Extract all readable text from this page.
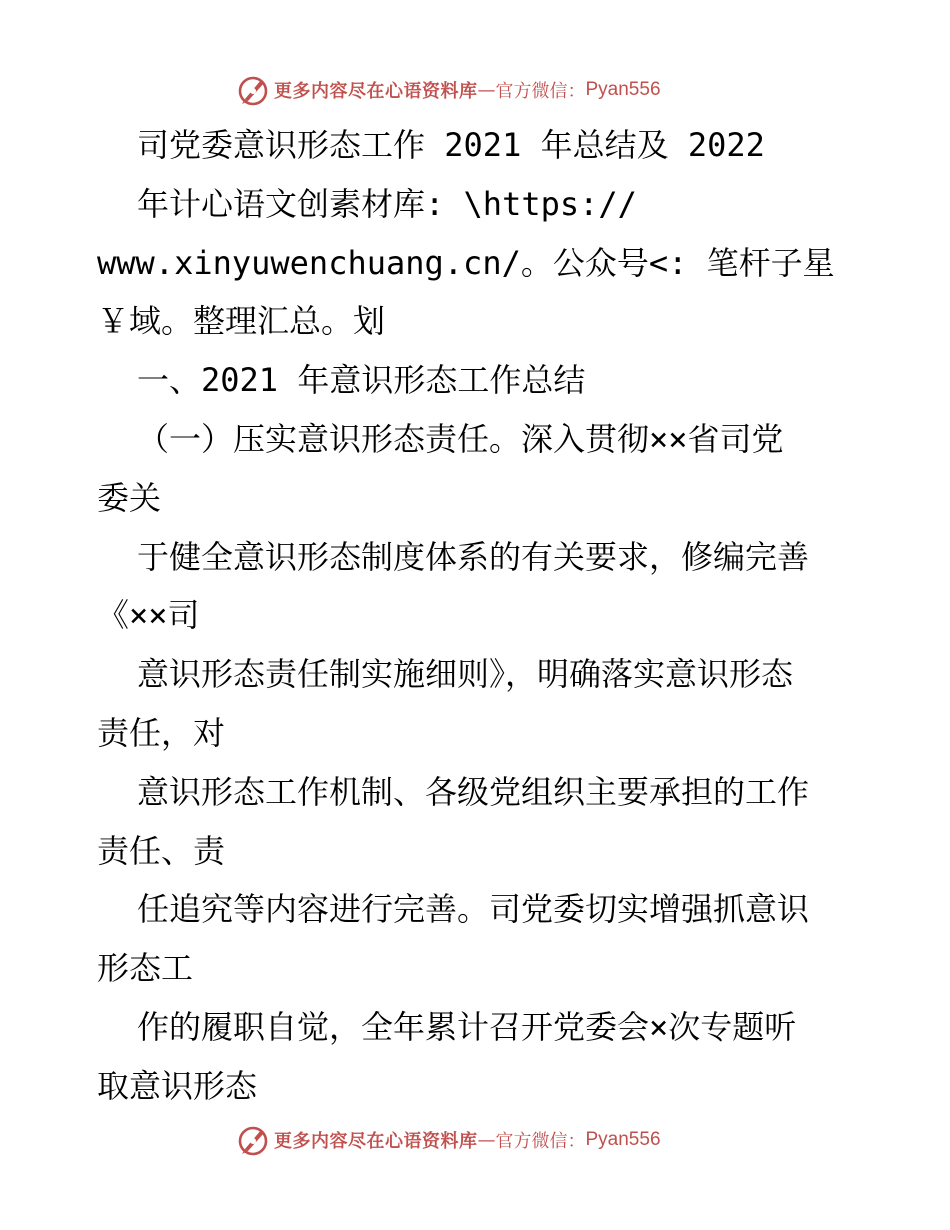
更多内容尽在心语资料库 — 官方微信： Pyan556
司党委意识形态工作 2021 年总结及 2022
年计心语文创素材库: \https://
www.xinyuwenchuang.cn/。公众号<: 笔杆子星
￥域。整理汇总。划
一、2021 年意识形态工作总结
（一）压实意识形态责任。深入贯彻××省司党
委关
于健全意识形态制度体系的有关要求，修编完善
《××司
意识形态责任制实施细则》，明确落实意识形态
责任，对
意识形态工作机制、各级党组织主要承担的工作
责任、责
任追究等内容进行完善。司党委切实增强抓意识
形态工
作的履职自觉，全年累计召开党委会×次专题听
取意识形态
更多内容尽在心语资料库 — 官方微信： Pyan556
